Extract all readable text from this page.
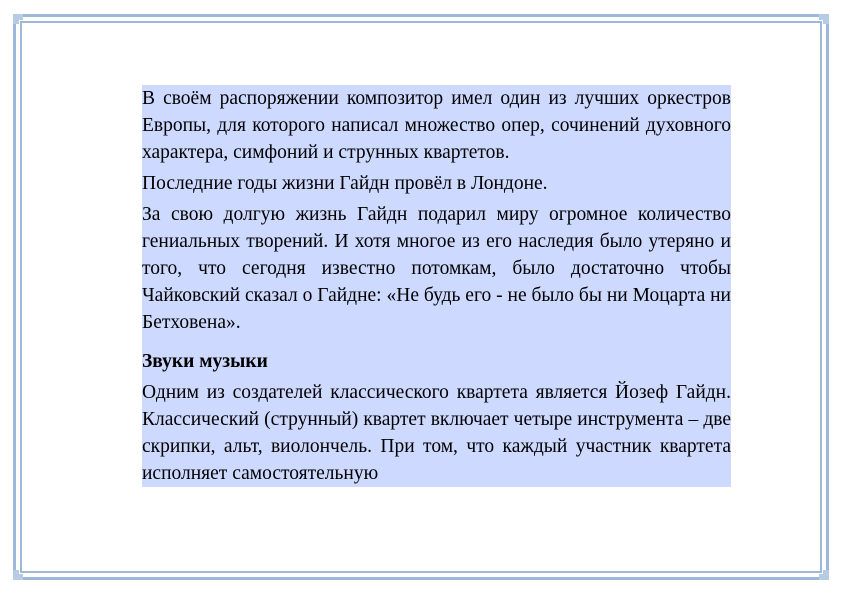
В своём распоряжении композитор имел один из лучших оркестров Европы, для которого написал множество опер, сочинений духовного характера, симфоний и струнных квартетов.

Последние годы жизни Гайдн провёл в Лондоне.

За свою долгую жизнь Гайдн подарил миру огромное количество гениальных творений. И хотя многое из его наследия было утеряно и того, что сегодня известно потомкам, было достаточно чтобы Чайковский сказал о Гайдне: «Не будь его - не было бы ни Моцарта ни Бетховена».

Звуки музыки

Одним из создателей классического квартета является Йозеф Гайдн. Классический (струнный) квартет включает четыре инструмента – две скрипки, альт, виолончель. При том, что каждый участник квартета исполняет самостоятельную
